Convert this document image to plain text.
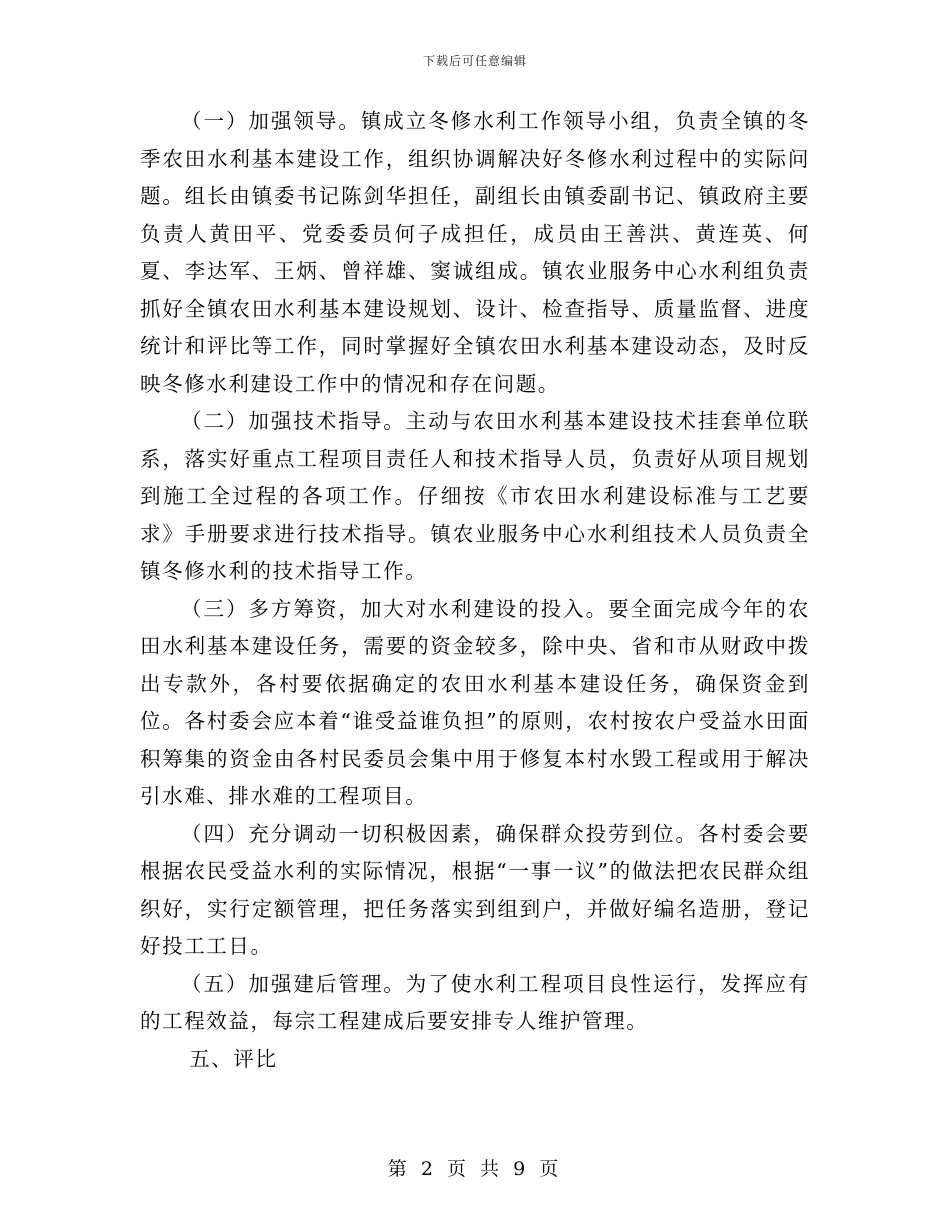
下载后可任意编辑

（一）加强领导。镇成立冬修水利工作领导小组，负责全镇的冬季农田水利基本建设工作，组织协调解决好冬修水利过程中的实际问题。组长由镇委书记陈剑华担任，副组长由镇委副书记、镇政府主要负责人黄田平、党委委员何子成担任，成员由王善洪、黄连英、何夏、李达军、王炳、曾祥雄、窦诚组成。镇农业服务中心水利组负责抓好全镇农田水利基本建设规划、设计、检查指导、质量监督、进度统计和评比等工作，同时掌握好全镇农田水利基本建设动态，及时反映冬修水利建设工作中的情况和存在问题。

（二）加强技术指导。主动与农田水利基本建设技术挂套单位联系，落实好重点工程项目责任人和技术指导人员，负责好从项目规划到施工全过程的各项工作。仔细按《市农田水利建设标准与工艺要求》手册要求进行技术指导。镇农业服务中心水利组技术人员负责全镇冬修水利的技术指导工作。

（三）多方筹资，加大对水利建设的投入。要全面完成今年的农田水利基本建设任务，需要的资金较多，除中央、省和市从财政中拨出专款外，各村要依据确定的农田水利基本建设任务，确保资金到位。各村委会应本着“谁受益谁负担”的原则，农村按农户受益水田面积筹集的资金由各村民委员会集中用于修复本村水毁工程或用于解决引水难、排水难的工程项目。

（四）充分调动一切积极因素，确保群众投劳到位。各村委会要根据农民受益水利的实际情况，根据“一事一议”的做法把农民群众组织好，实行定额管理，把任务落实到组到户，并做好编名造册，登记好投工工日。

（五）加强建后管理。为了使水利工程项目良性运行，发挥应有的工程效益，每宗工程建成后要安排专人维护管理。

五、评比

第 2 页 共 9 页
